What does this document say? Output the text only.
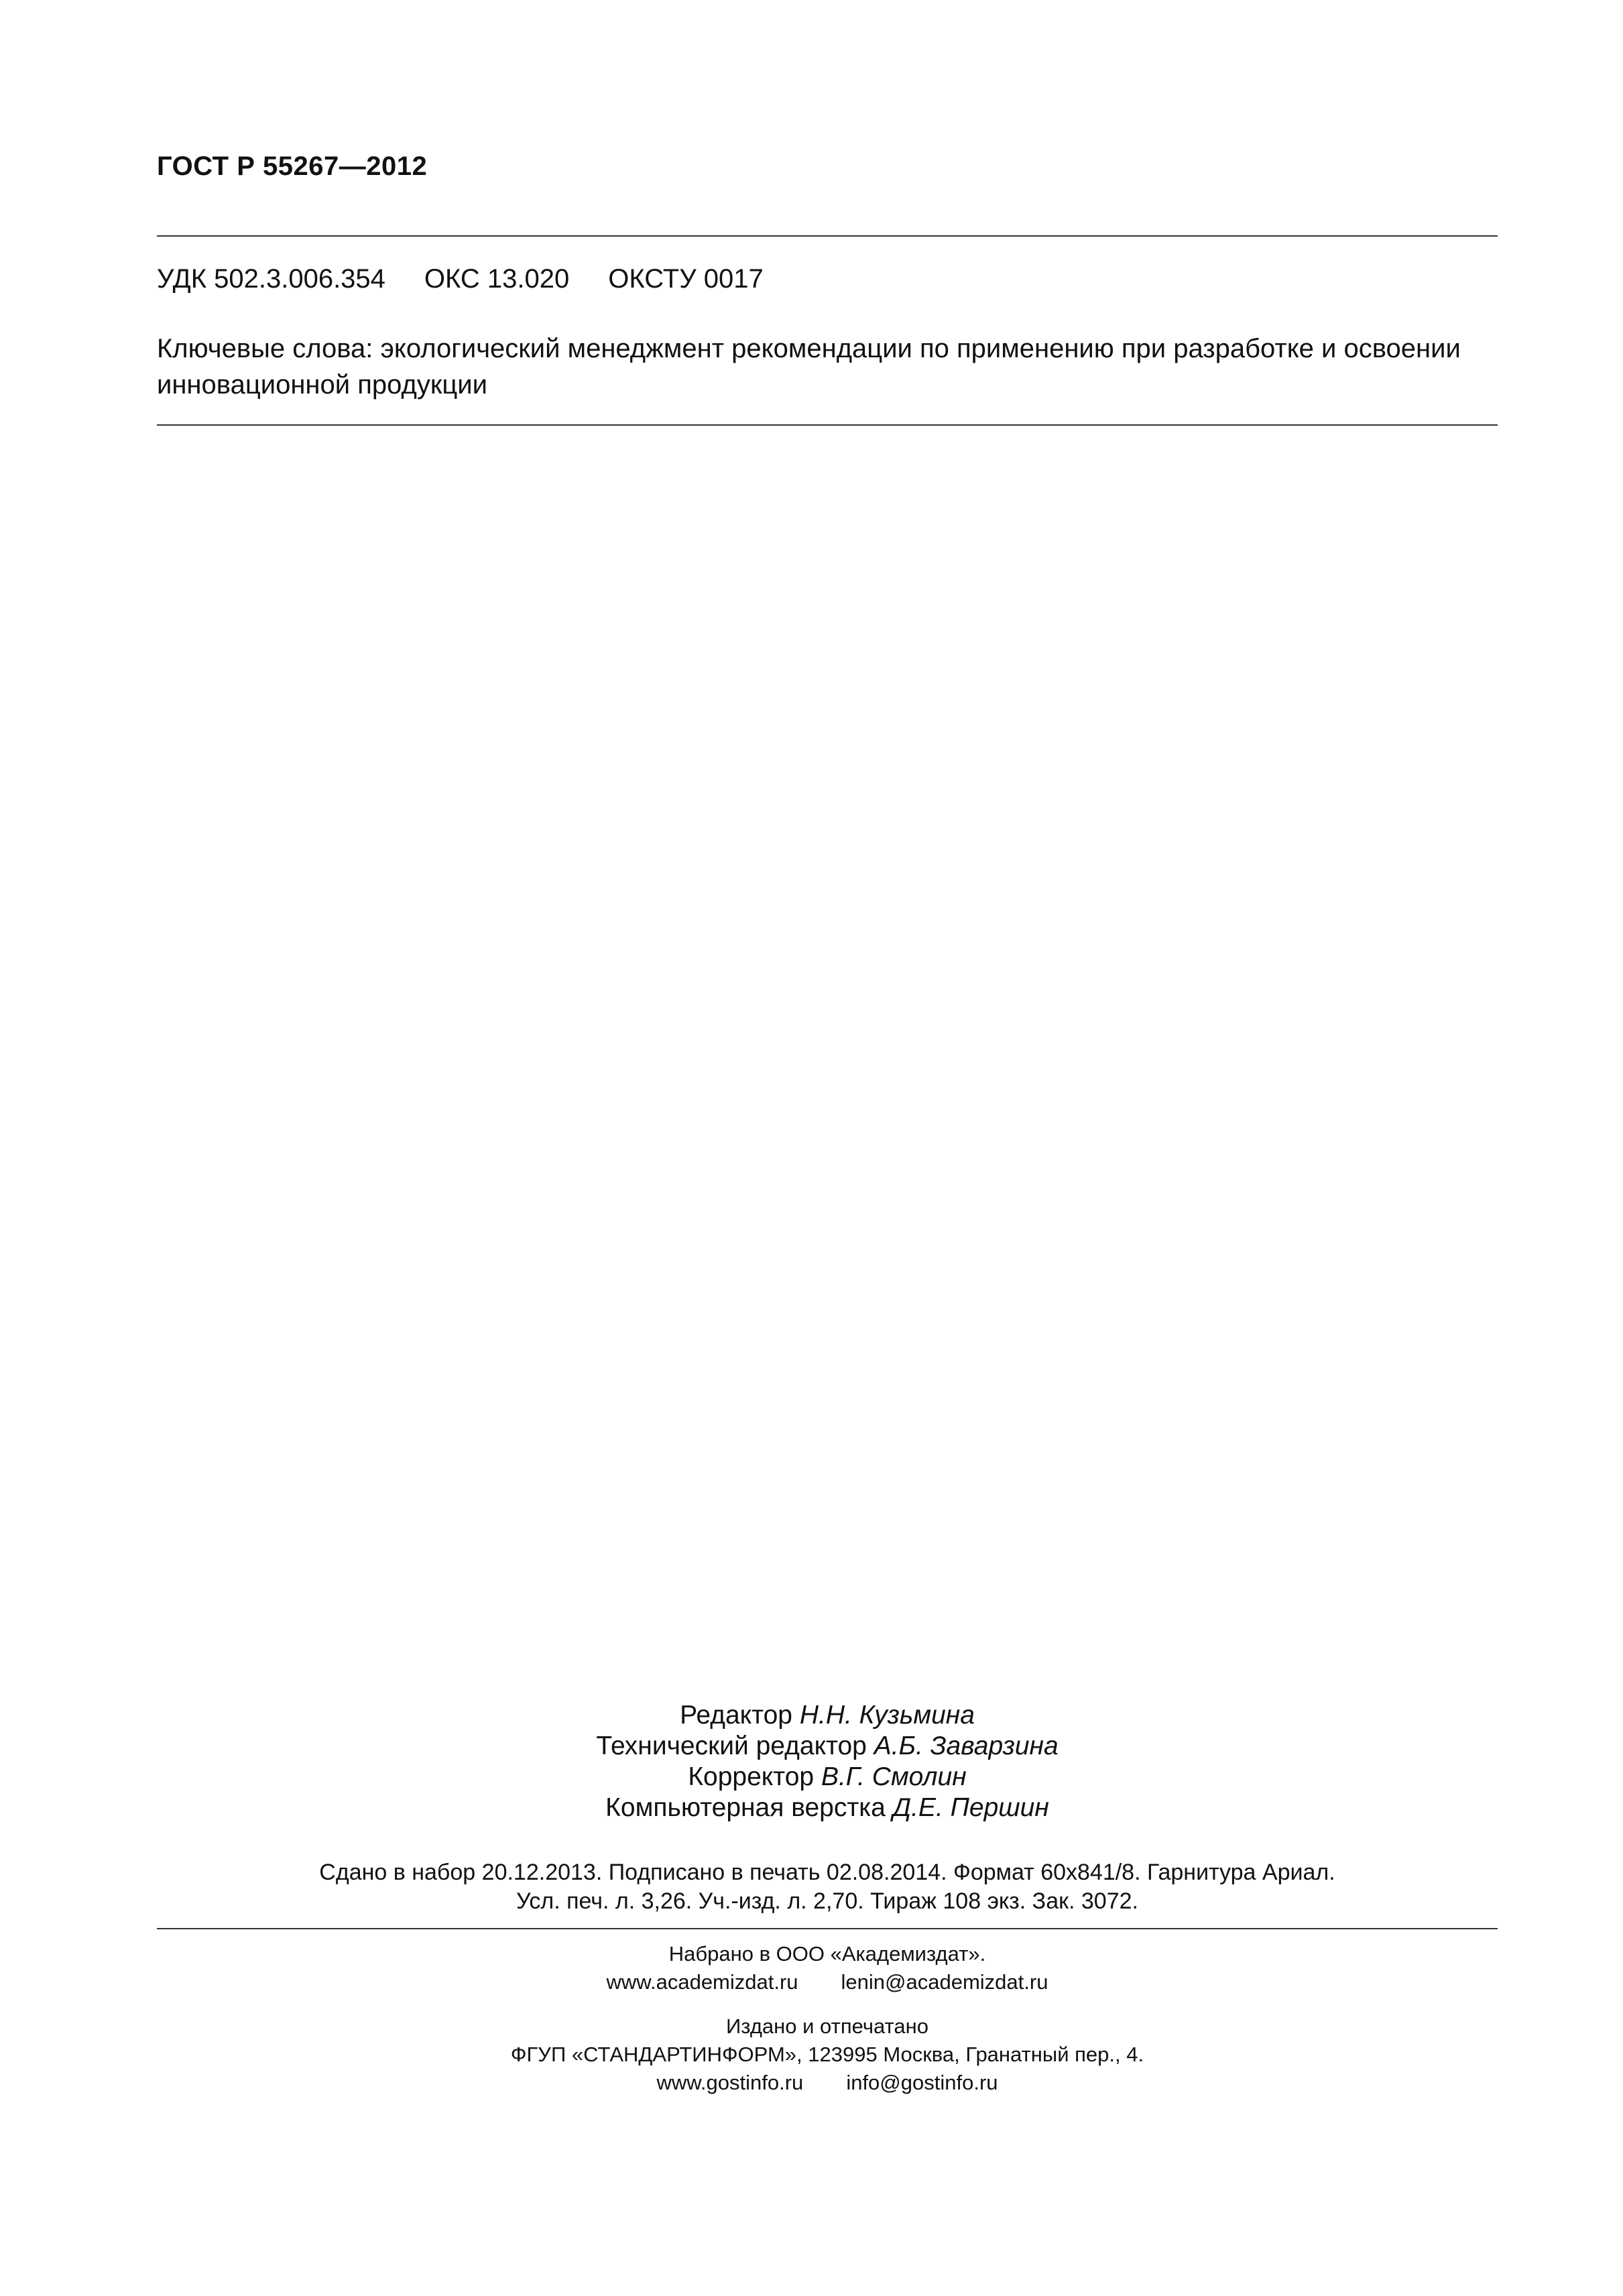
ГОСТ Р 55267—2012
УДК 502.3.006.354 ОКС 13.020 ОКСТУ 0017
Ключевые слова: экологический менеджмент рекомендации по применению при разработке и освоении инновационной продукции
Редактор Н.Н. Кузьмина
Технический редактор А.Б. Заварзина
Корректор В.Г. Смолин
Компьютерная верстка Д.Е. Першин
Сдано в набор 20.12.2013. Подписано в печать 02.08.2014. Формат 60x841/8. Гарнитура Ариал.
Усл. печ. л. 3,26. Уч.-изд. л. 2,70. Тираж 108 экз. Зак. 3072.
Набрано в ООО «Академиздат».
www.academizdat.ru lenin@academizdat.ru
Издано и отпечатано
ФГУП «СТАНДАРТИНФОРМ», 123995 Москва, Гранатный пер., 4.
www.gostinfo.ru info@gostinfo.ru
